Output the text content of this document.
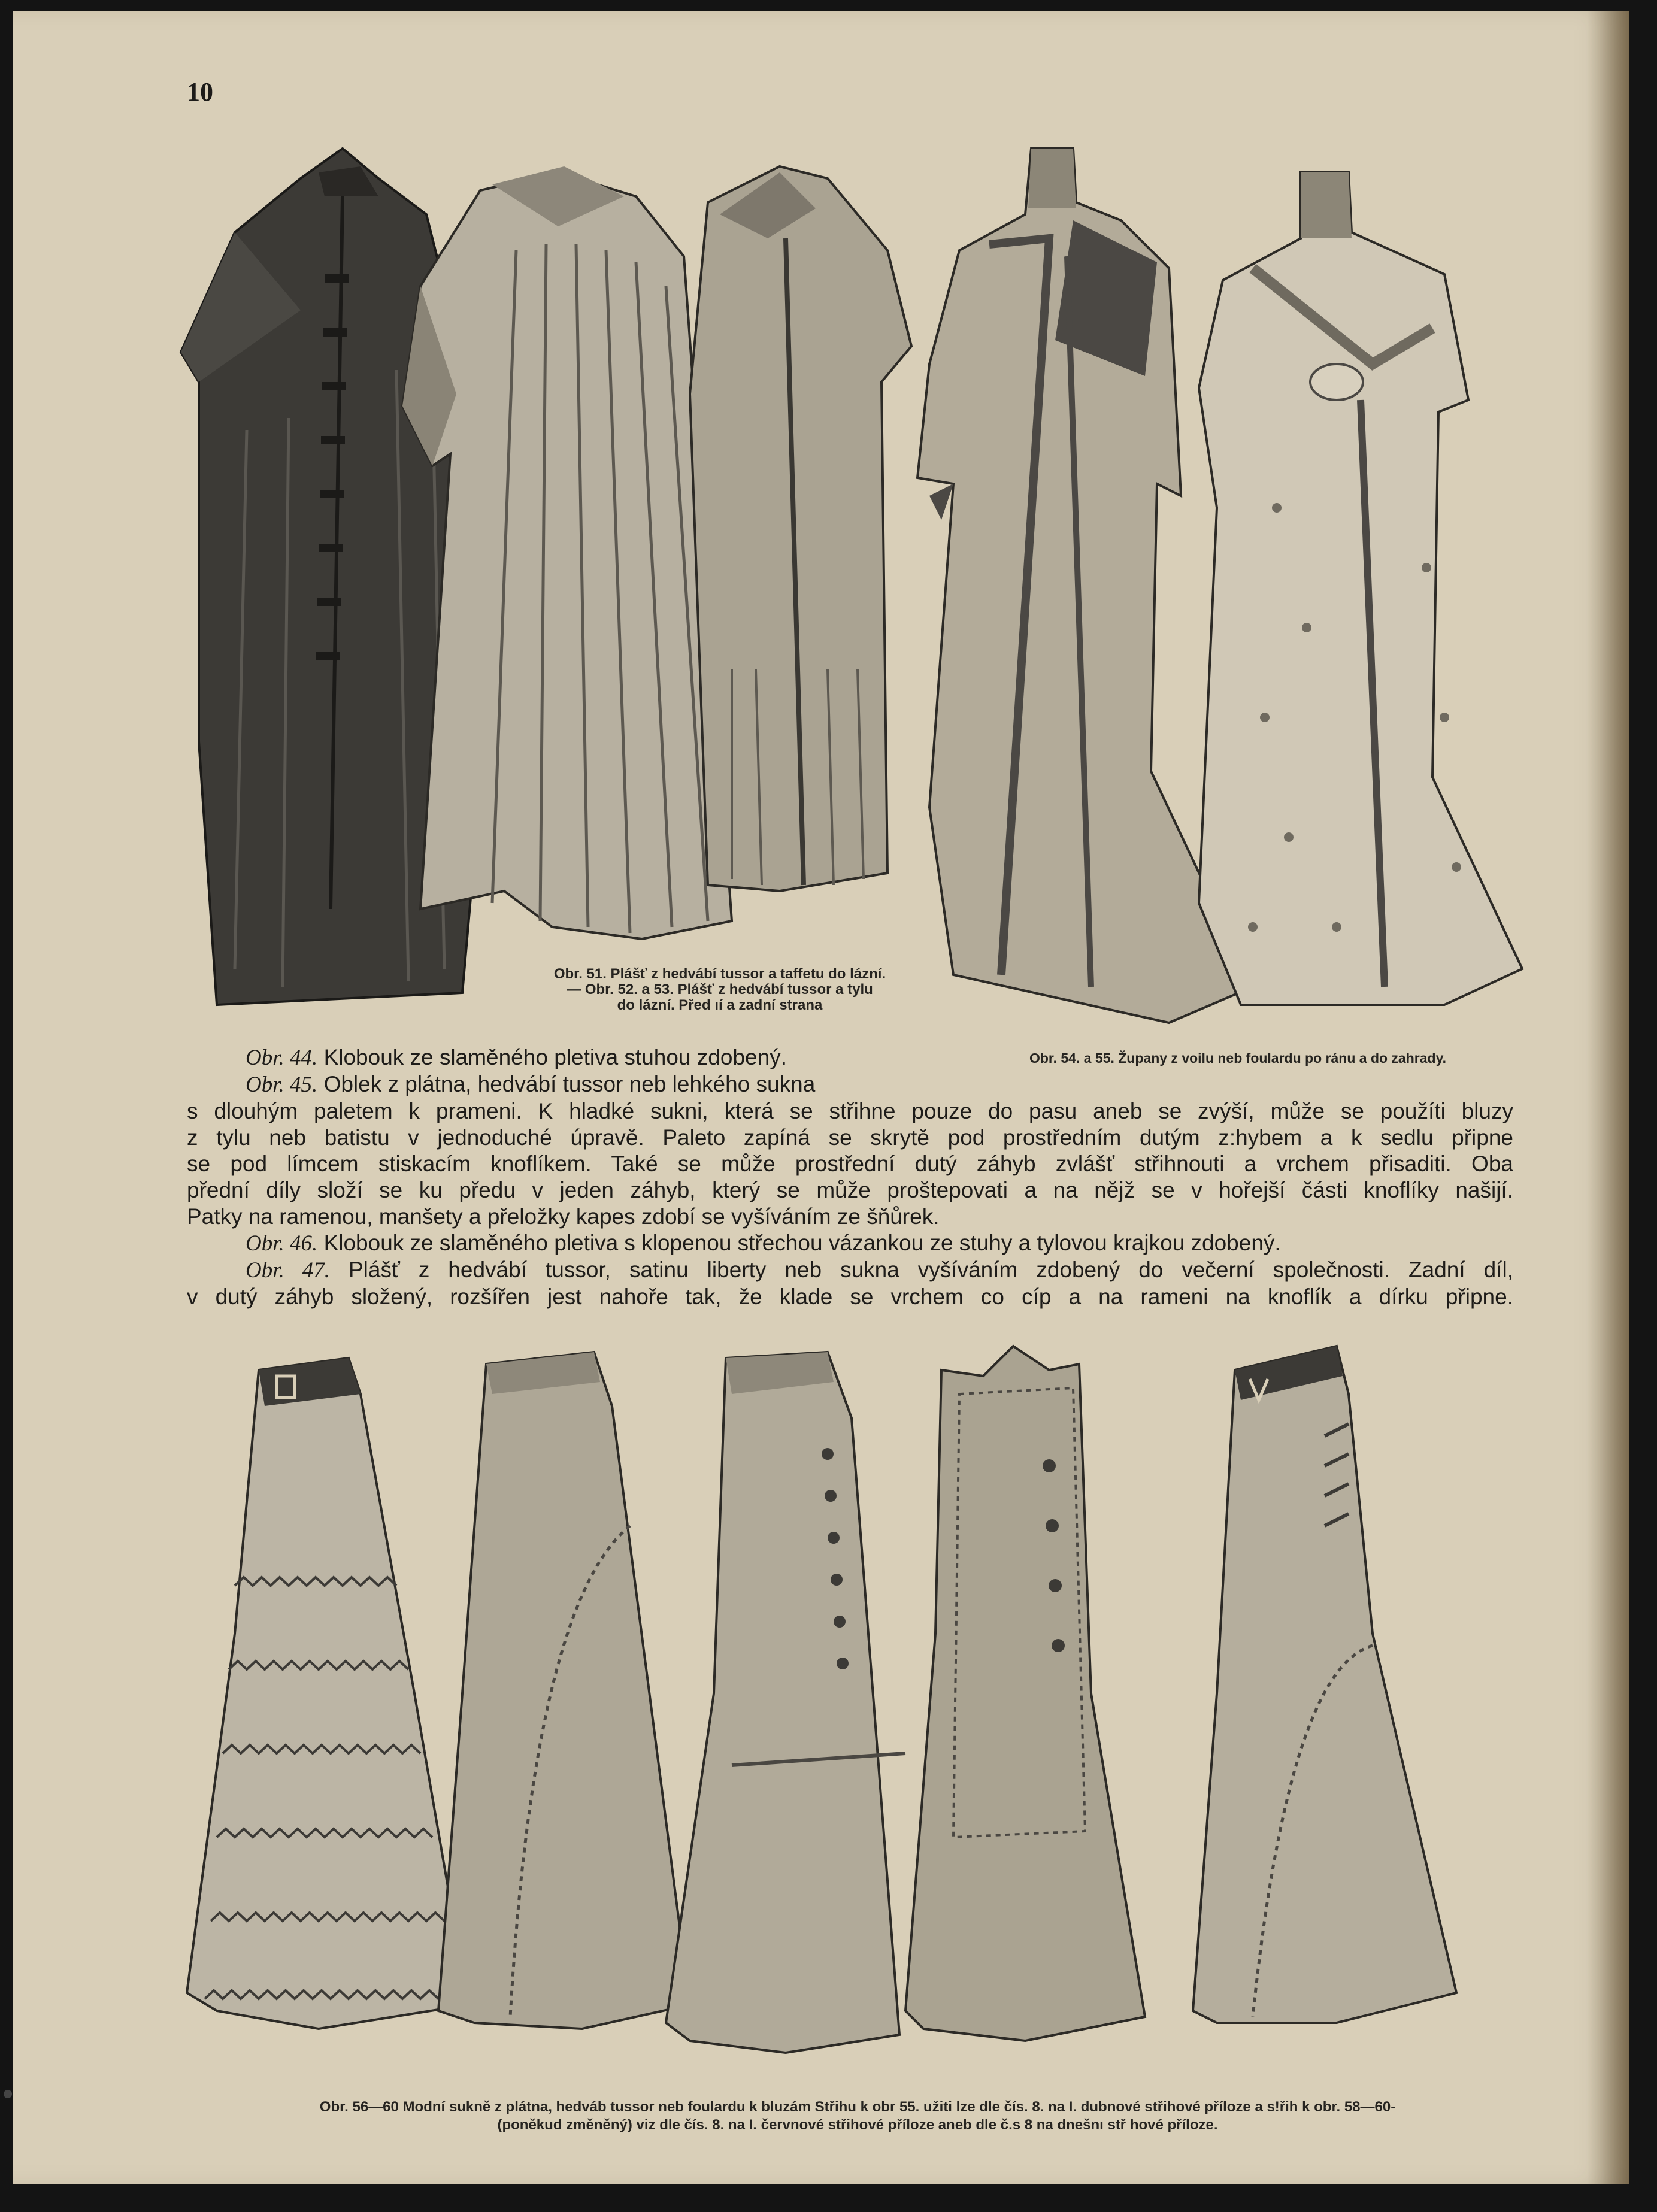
10
Obr. 51. Plášť z hedvábí tussor a taffetu do lázní.
— Obr. 52. a 53. Plášť z hedvábí tussor a tylu
do lázní. Před ıí a zadní strana
Obr. 54. a 55. Župany z voilu neb foulardu po ránu a do zahrady.
Obr. 44. Klobouk ze slaměného pletiva stuhou zdobený.
Obr. 45. Oblek z plátna, hedvábí tussor neb lehkého sukna
s dlouhým paletem k prameni. K hladké sukni, která se střihne pouze do pasu aneb se zvýší, může se použíti bluzy
z tylu neb batistu v jednoduché úpravě. Paleto zapíná se skrytě pod prostředním dutým z:hybem a k sedlu připne
se pod límcem stiskacím knoflíkem. Také se může prostřední dutý záhyb zvlášť střihnouti a vrchem přisaditi. Oba
přední díly složí se ku předu v jeden záhyb, který se může proštepovati a na nějž se v hořejší části knoflíky našijí.
Patky na ramenou, manšety a přeložky kapes zdobí se vyšíváním ze šňůrek.
Obr. 46. Klobouk ze slaměného pletiva s klopenou střechou vázankou ze stuhy a tylovou krajkou zdobený.
Obr. 47. Plášť z hedvábí tussor, satinu liberty neb sukna vyšíváním zdobený do večerní společnosti. Zadní díl,
v dutý záhyb složený, rozšířen jest nahoře tak, že klade se vrchem co cíp a na rameni na knoflík a dírku připne.
Obr. 56—60 Modní sukně z plátna, hedváb tussor neb foulardu k bluzám Střihu k obr 55. užiti lze dle čís. 8. na I. dubnové střihové příloze a s!řih k obr. 58—60-
(poněkud změněný) viz dle čís. 8. na I. červnové střihové příloze aneb dle č.s 8 na dnešnı stř hové příloze.
